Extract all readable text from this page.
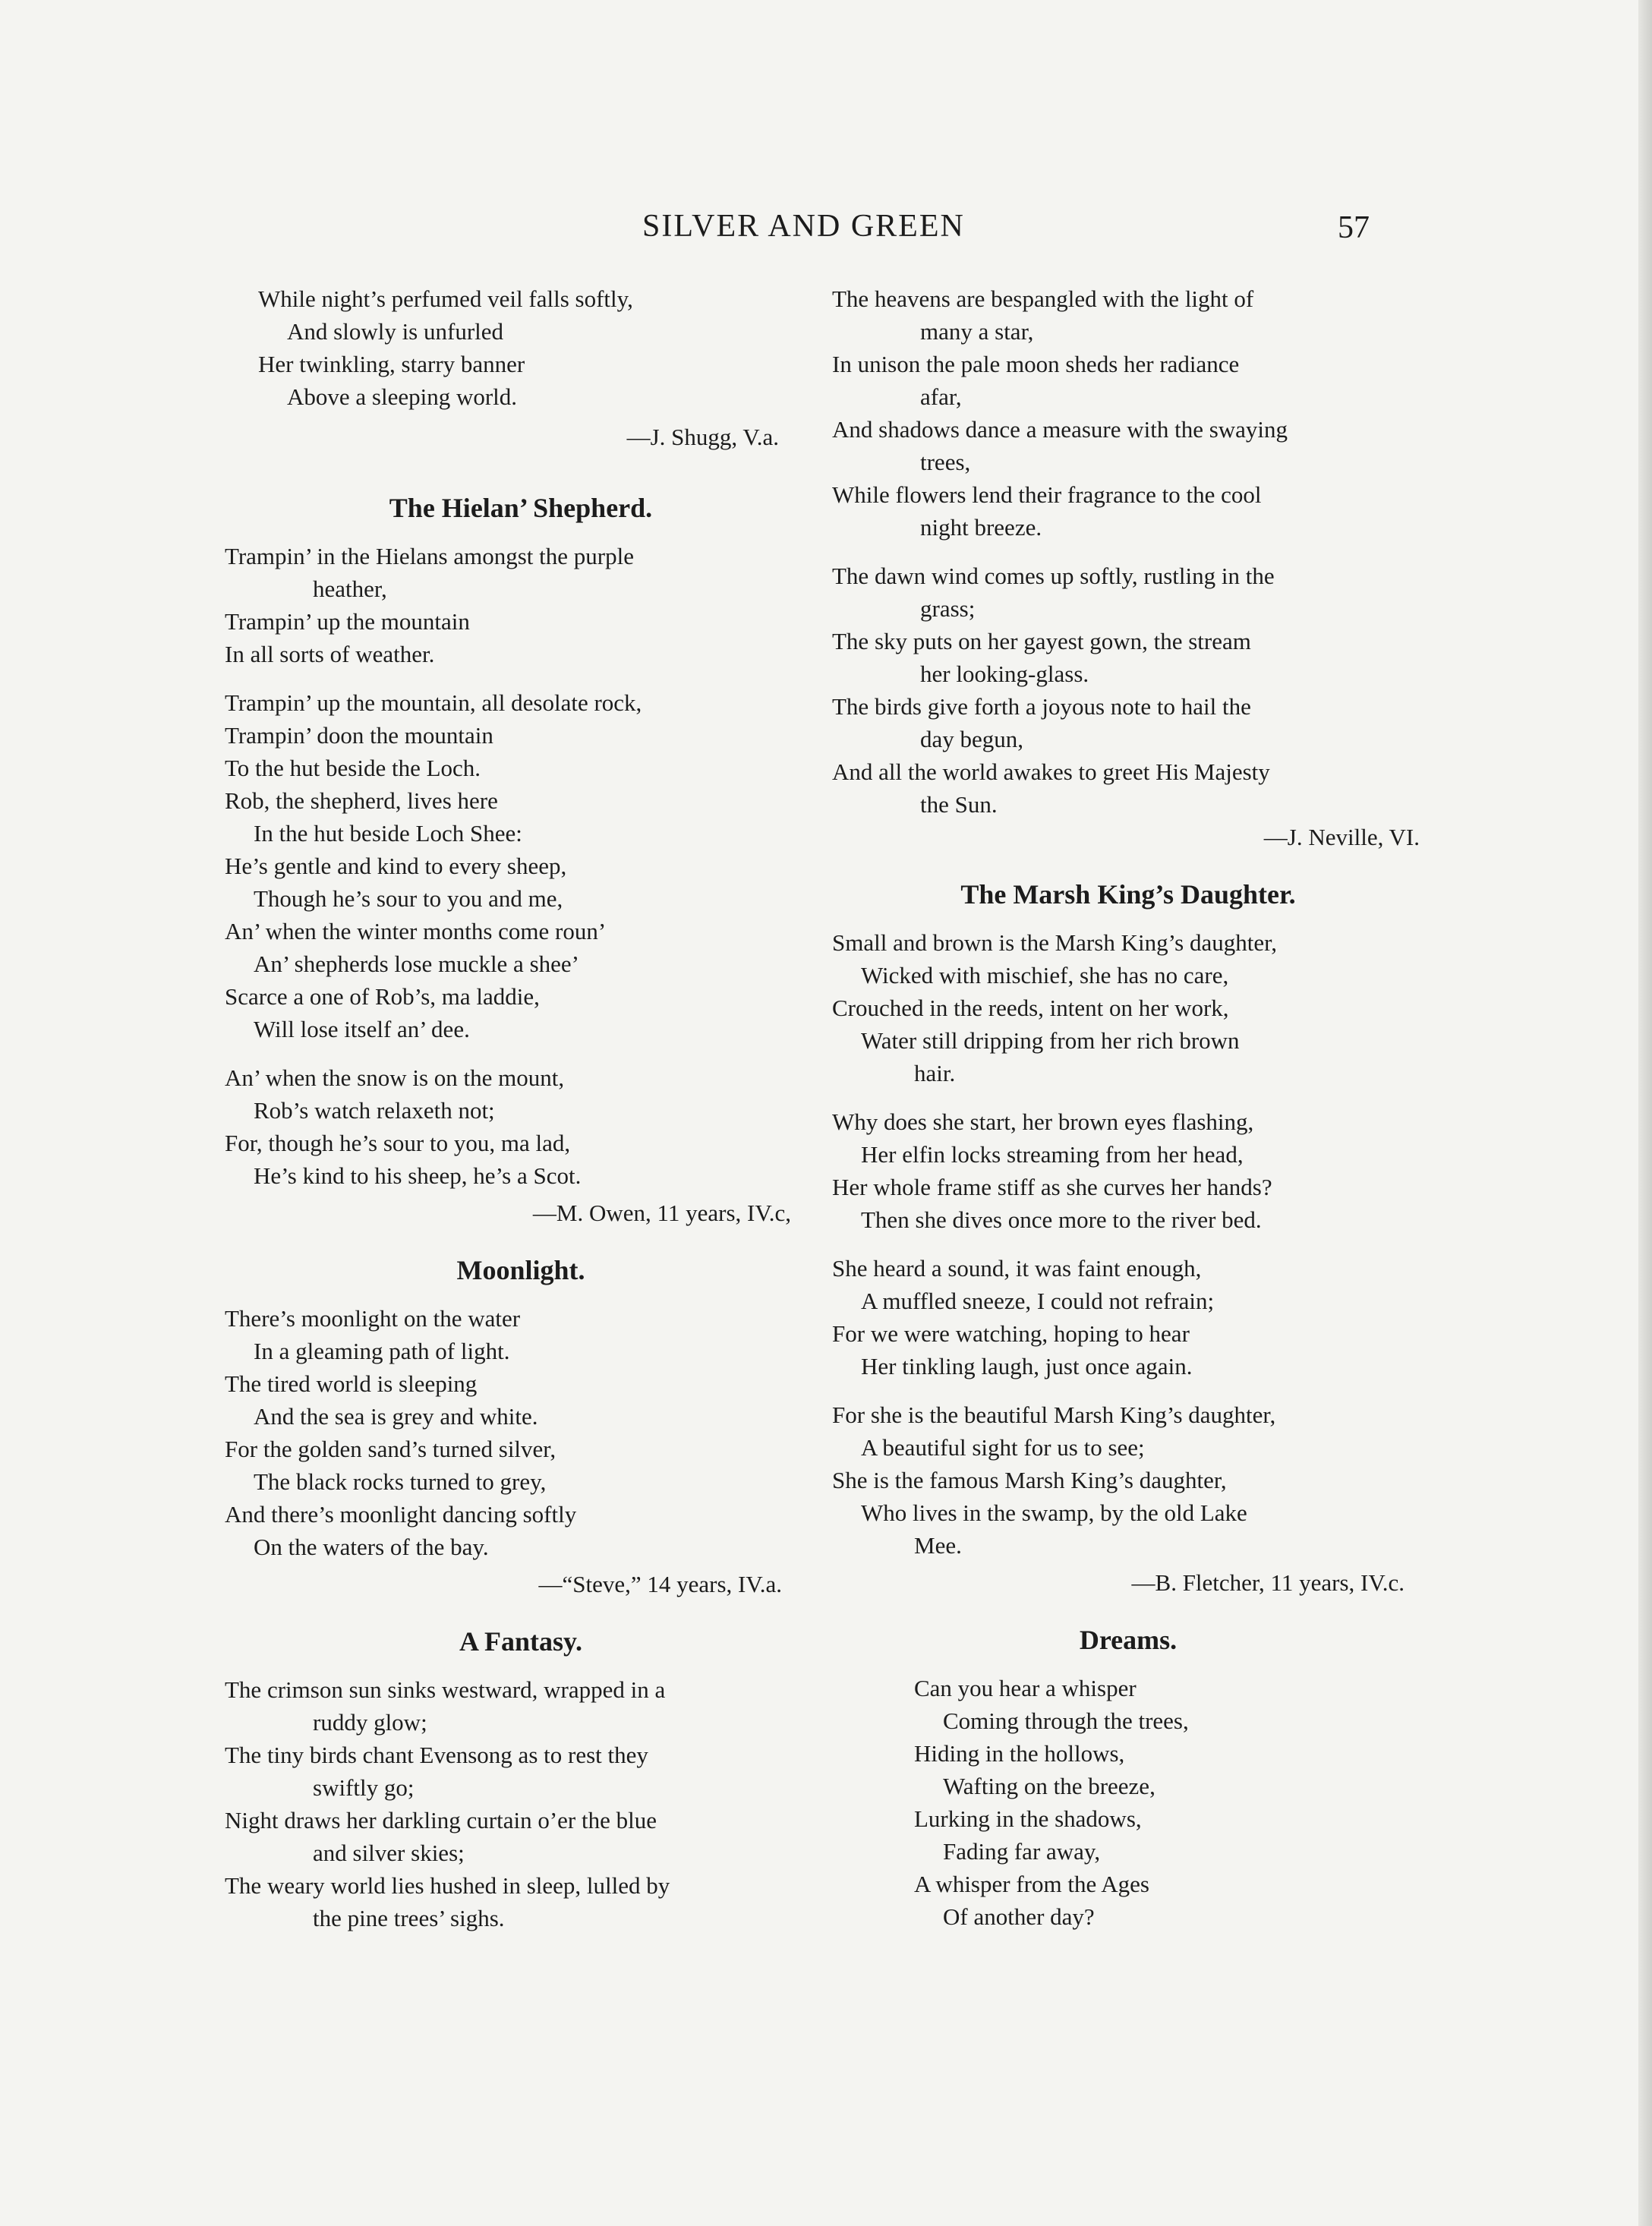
SILVER AND GREEN	57
While night’s perfumed veil falls softly,
And slowly is unfurled
Her twinkling, starry banner
Above a sleeping world.
—J. Shugg, V.a.
The Hielan’ Shepherd.
Trampin’ in the Hielans amongst the purple
heather,
Trampin’ up the mountain
In all sorts of weather.
Trampin’ up the mountain, all desolate rock,
Trampin’ doon the mountain
To the hut beside the Loch.
Rob, the shepherd, lives here
In the hut beside Loch Shee:
He’s gentle and kind to every sheep,
Though he’s sour to you and me,
An’ when the winter months come roun’
An’ shepherds lose muckle a shee’
Scarce a one of Rob’s, ma laddie,
Will lose itself an’ dee.
An’ when the snow is on the mount,
Rob’s watch relaxeth not;
For, though he’s sour to you, ma lad,
He’s kind to his sheep, he’s a Scot.
—M. Owen, 11 years, IV.c,
Moonlight.
There’s moonlight on the water
In a gleaming path of light.
The tired world is sleeping
And the sea is grey and white.
For the golden sand’s turned silver,
The black rocks turned to grey,
And there’s moonlight dancing softly
On the waters of the bay.
—“Steve,” 14 years, IV.a.
A Fantasy.
The crimson sun sinks westward, wrapped in a
ruddy glow;
The tiny birds chant Evensong as to rest they
swiftly go;
Night draws her darkling curtain o’er the blue
and silver skies;
The weary world lies hushed in sleep, lulled by
the pine trees’ sighs.
The heavens are bespangled with the light of
many a star,
In unison the pale moon sheds her radiance
afar,
And shadows dance a measure with the swaying
trees,
While flowers lend their fragrance to the cool
night breeze.
The dawn wind comes up softly, rustling in the
grass;
The sky puts on her gayest gown, the stream
her looking-glass.
The birds give forth a joyous note to hail the
day begun,
And all the world awakes to greet His Majesty
the Sun.
—J. Neville, VI.
The Marsh King’s Daughter.
Small and brown is the Marsh King’s daughter,
Wicked with mischief, she has no care,
Crouched in the reeds, intent on her work,
Water still dripping from her rich brown
hair.
Why does she start, her brown eyes flashing,
Her elfin locks streaming from her head,
Her whole frame stiff as she curves her hands?
Then she dives once more to the river bed.
She heard a sound, it was faint enough,
A muffled sneeze, I could not refrain;
For we were watching, hoping to hear
Her tinkling laugh, just once again.
For she is the beautiful Marsh King’s daughter,
A beautiful sight for us to see;
She is the famous Marsh King’s daughter,
Who lives in the swamp, by the old Lake
Mee.
—B. Fletcher, 11 years, IV.c.
Dreams.
Can you hear a whisper
Coming through the trees,
Hiding in the hollows,
Wafting on the breeze,
Lurking in the shadows,
Fading far away,
A whisper from the Ages
Of another day?
